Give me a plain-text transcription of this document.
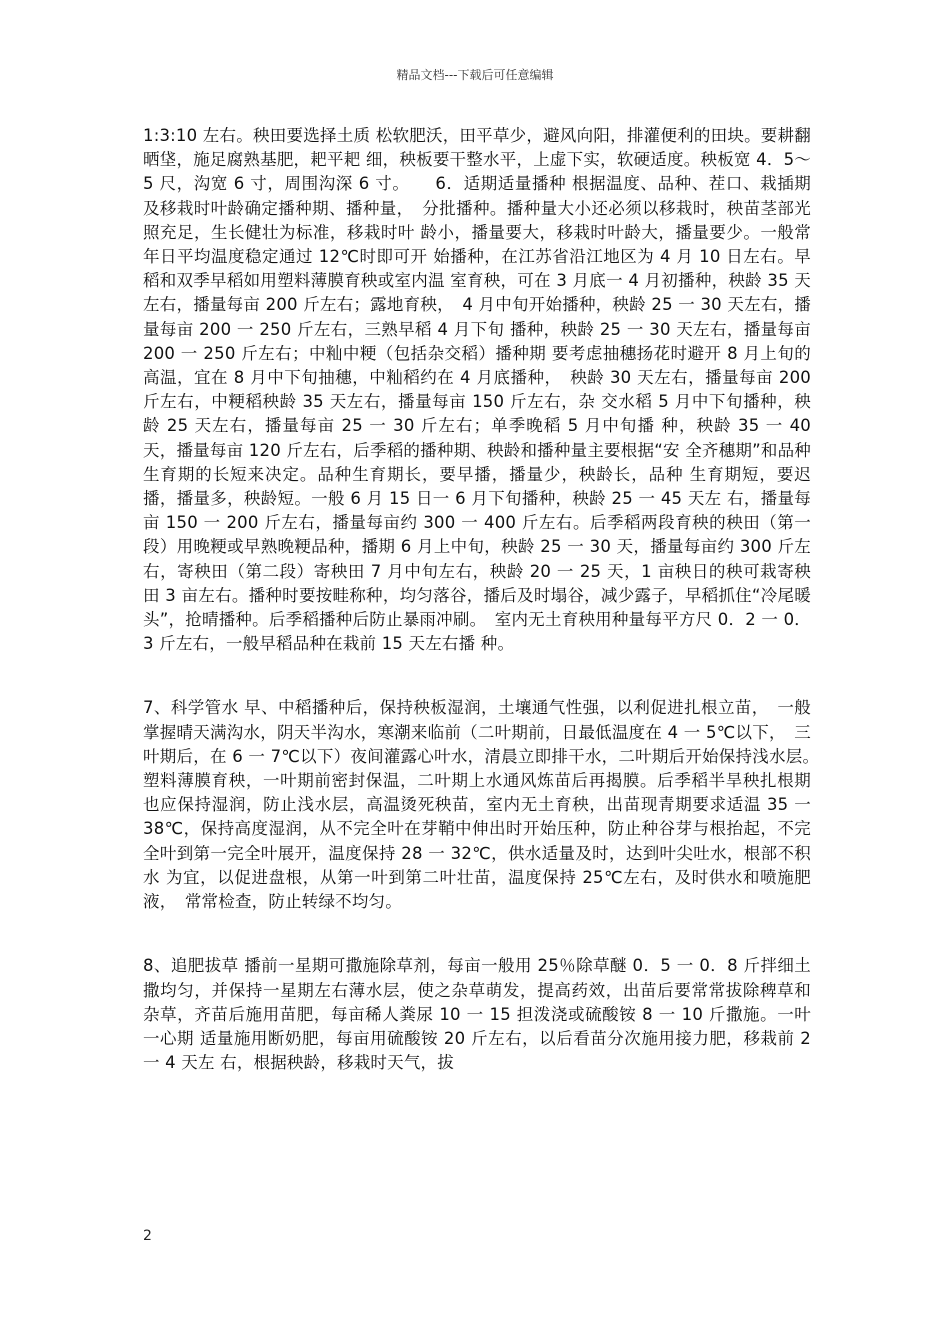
精品文档---下载后可任意编辑

1:3:10 左右。秧田要选择土质 松软肥沃，田平草少，避风向阳，排灌便利的田块。要耕翻晒垡，施足腐熟基肥，耙平耙 细，秧板要干整水平，上虚下实，软硬适度。秧板宽 4．5～5 尺，沟宽 6 寸，周围沟深 6 寸。　　6．适期适量播种 根据温度、品种、茬口、栽插期及移栽时叶龄确定播种期、播种量，　分批播种。播种量大小还必须以移栽时，秧苗茎部光照充足，生长健壮为标准，移栽时叶 龄小，播量要大，移栽时叶龄大，播量要少。一般常年日平均温度稳定通过 12℃时即可开 始播种，在江苏省沿江地区为 4 月 10 日左右。早稻和双季早稻如用塑料薄膜育秧或室内温 室育秧，可在 3 月底一 4 月初播种，秧龄 35 天左右，播量每亩 200 斤左右；露地育秧，　4 月中旬开始播种，秧龄 25 一 30 天左右，播量每亩 200 一 250 斤左右，三熟早稻 4 月下旬 播种，秧龄 25 一 30 天左右，播量每亩 200 一 250 斤左右；中籼中粳（包括杂交稻）播种期 要考虑抽穗扬花时避开 8 月上旬的高温，宜在 8 月中下旬抽穗，中籼稻约在 4 月底播种，　秧龄 30 天左右，播量每亩 200 斤左右，中粳稻秧龄 35 天左右，播量每亩 150 斤左右，杂 交水稻 5 月中下旬播种，秧龄 25 天左右，播量每亩 25 一 30 斤左右；单季晚稻 5 月中旬播 种，秧龄 35 一 40 天，播量每亩 120 斤左右，后季稻的播种期、秧龄和播种量主要根据“安 全齐穗期”和品种生育期的长短来决定。品种生育期长，要早播，播量少，秧龄长，品种 生育期短，要迟播，播量多，秧龄短。一般 6 月 15 日一 6 月下旬播种，秧龄 25 一 45 天左 右，播量每亩 150 一 200 斤左右，播量每亩约 300 一 400 斤左右。后季稻两段育秧的秧田（第一段）用晚粳或早熟晚粳品种，播期 6 月上中旬，秧龄 25 一 30 天，播量每亩约 300 斤左 右，寄秧田（第二段）寄秧田 7 月中旬左右，秧龄 20 一 25 天，1 亩秧日的秧可栽寄秧田 3 亩左右。播种时要按畦称种，均匀落谷，播后及时塌谷，减少露子，早稻抓住“冷尾暖 头”，抢晴播种。后季稻播种后防止暴雨冲刷。　室内无土育秧用种量每平方尺 0．2 一 0．3 斤左右，一般早稻品种在栽前 15 天左右播 种。

7、科学管水 早、中稻播种后，保持秧板湿润，土壤通气性强，以利促进扎根立苗，　一般掌握晴天满沟水，阴天半沟水，寒潮来临前（二叶期前，日最低温度在 4 一 5℃以下，　三叶期后，在 6 一 7℃以下）夜间灌露心叶水，清晨立即排干水，二叶期后开始保持浅水层。　塑料薄膜育秧，一叶期前密封保温，二叶期上水通风炼苗后再揭膜。后季稻半旱秧扎根期 也应保持湿润，防止浅水层，高温烫死秧苗，室内无土育秧，出苗现青期要求适温 35 一 38℃，保持高度湿润，从不完全叶在芽鞘中伸出时开始压种，防止种谷芽与根抬起，不完 全叶到第一完全叶展开，温度保持 28 一 32℃，供水适量及时，达到叶尖吐水，根部不积水 为宜，以促进盘根，从第一叶到第二叶壮苗，温度保持 25℃左右，及时供水和喷施肥液，　常常检查，防止转绿不均匀。

8、追肥拔草 播前一星期可撒施除草剂，每亩一般用 25％除草醚 0．5 一 0．8 斤拌细土 撒均匀，并保持一星期左右薄水层，使之杂草萌发，提高药效，出苗后要常常拔除稗草和 杂草，齐苗后施用苗肥，每亩稀人粪尿 10 一 15 担泼浇或硫酸铵 8 一 10 斤撒施。一叶一心期 适量施用断奶肥，每亩用硫酸铵 20 斤左右，以后看苗分次施用接力肥，移栽前 2 一 4 天左 右，根据秧龄，移栽时天气，拔

2
